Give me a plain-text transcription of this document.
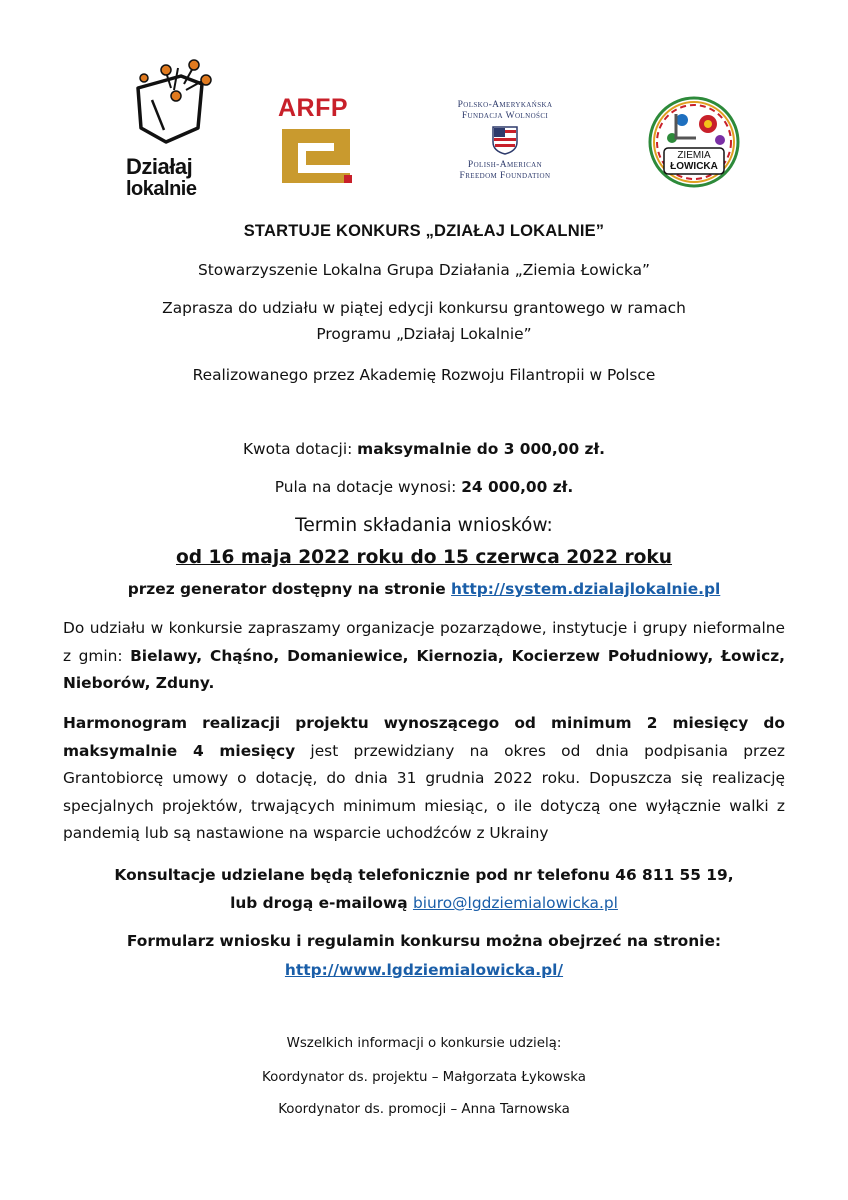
Działaj
lokalnie
ARFP	Polsko-Amerykańska
Fundacja Wolności
Polish-American
Freedom Foundation
ZIEMIA
ŁOWICKA
STARTUJE KONKURS „DZIAŁAJ LOKALNIE”
Stowarzyszenie Lokalna Grupa Działania „Ziemia Łowicka”
Zaprasza do udziału w piątej edycji konkursu grantowego w ramach
Programu „Działaj Lokalnie”
Realizowanego przez Akademię Rozwoju Filantropii w Polsce
Kwota dotacji: maksymalnie do 3 000,00 zł.
Pula na dotacje wynosi: 24 000,00 zł.
Termin składania wniosków:
od 16 maja 2022 roku do 15 czerwca 2022 roku
przez generator dostępny na stronie http://system.dzialajlokalnie.pl
Do udziału w konkursie zapraszamy organizacje pozarządowe, instytucje i grupy nieformalne z gmin: Bielawy, Chąśno, Domaniewice, Kiernozia, Kocierzew Południowy, Łowicz, Nieborów, Zduny.
Harmonogram realizacji projektu wynoszącego od minimum 2 miesięcy do maksymalnie 4 miesięcy jest przewidziany na okres od dnia podpisania przez Grantobiorcę umowy o dotację, do dnia 31 grudnia 2022 roku. Dopuszcza się realizację specjalnych projektów, trwających minimum miesiąc, o ile dotyczą one wyłącznie walki z pandemią lub są nastawione na wsparcie uchodźców z Ukrainy
Konsultacje udzielane będą telefonicznie pod nr telefonu 46 811 55 19,
lub drogą e-mailową biuro@lgdziemialowicka.pl
Formularz wniosku i regulamin konkursu można obejrzeć na stronie:
http://www.lgdziemialowicka.pl/
Wszelkich informacji o konkursie udzielą:
Koordynator ds. projektu – Małgorzata Łykowska
Koordynator ds. promocji – Anna Tarnowska
